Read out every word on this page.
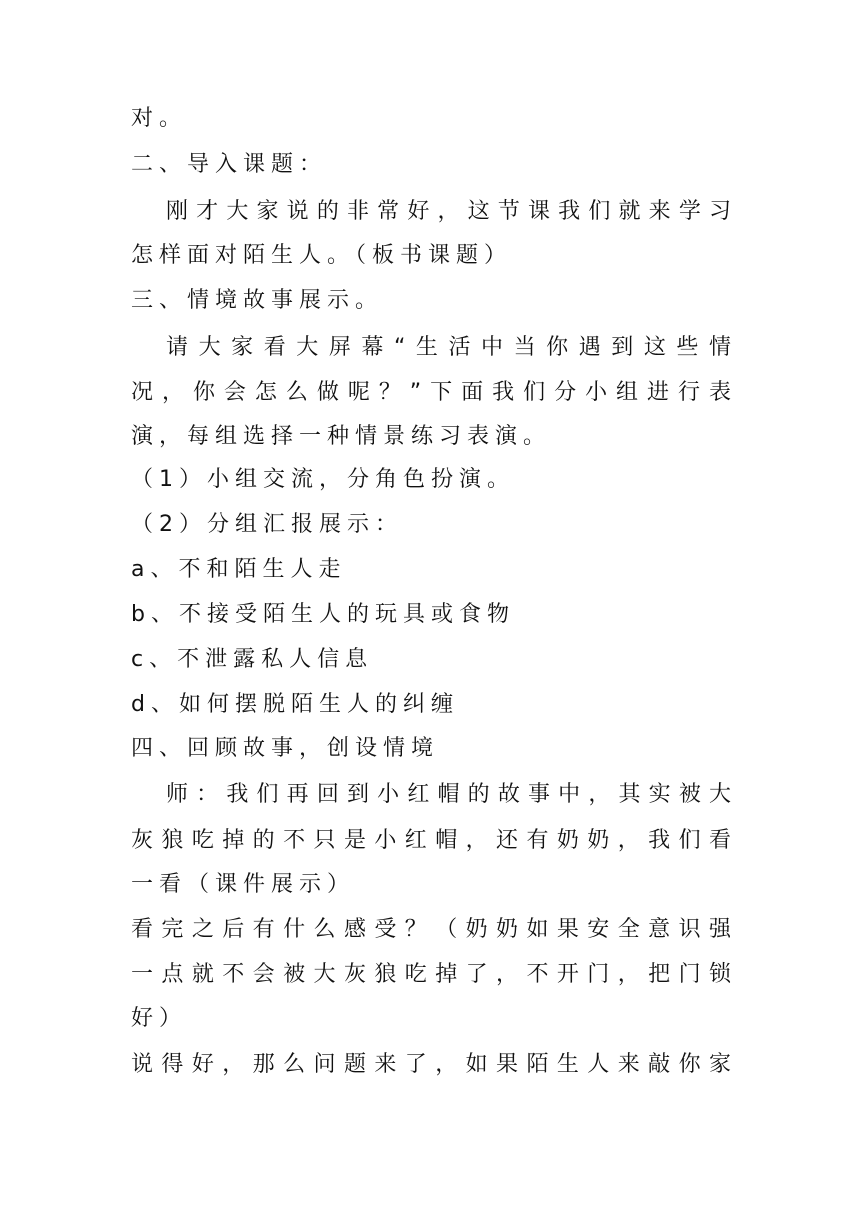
对。
二、导入课题：
刚才大家说的非常好，这节课我们就来学习
怎样面对陌生人。（板书课题）
三、情境故事展示。
请大家看大屏幕“生活中当你遇到这些情
况，你会怎么做呢？”下面我们分小组进行表
演，每组选择一种情景练习表演。
（1）小组交流，分角色扮演。
（2）分组汇报展示：
a、不和陌生人走
b、不接受陌生人的玩具或食物
c、不泄露私人信息
d、如何摆脱陌生人的纠缠
四、回顾故事，创设情境
师：我们再回到小红帽的故事中，其实被大
灰狼吃掉的不只是小红帽，还有奶奶，我们看
一看（课件展示）
看完之后有什么感受？（奶奶如果安全意识强
一点就不会被大灰狼吃掉了，不开门，把门锁
好）
说得好，那么问题来了，如果陌生人来敲你家
